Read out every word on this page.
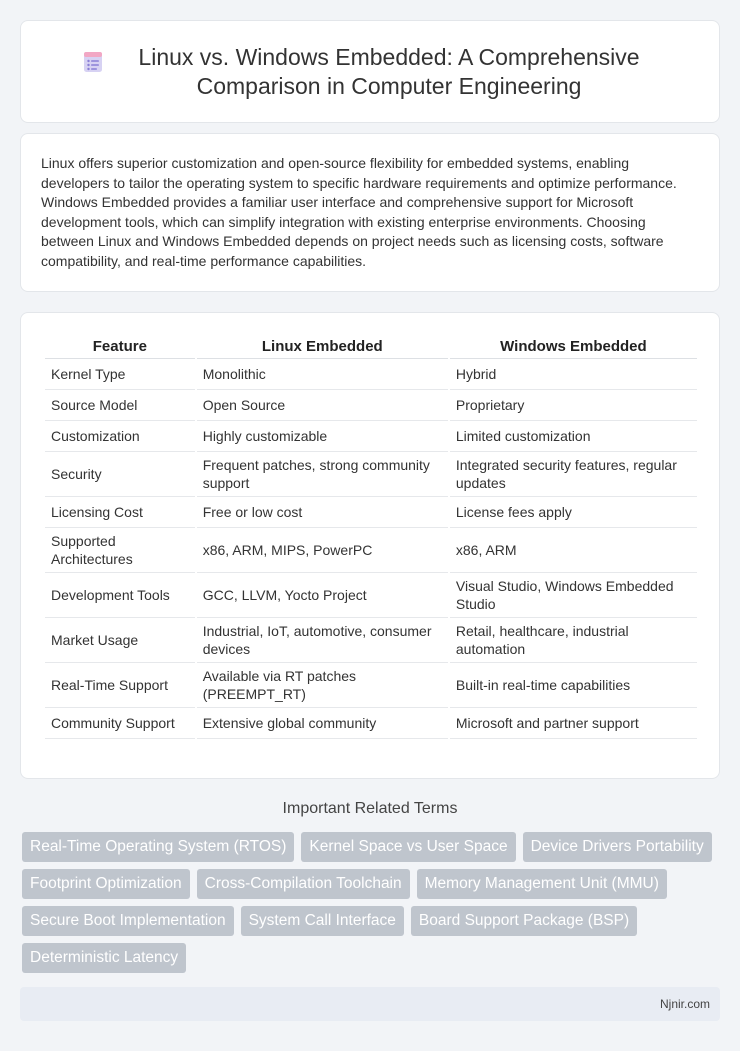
Linux vs. Windows Embedded: A Comprehensive Comparison in Computer Engineering

Linux offers superior customization and open-source flexibility for embedded systems, enabling developers to tailor the operating system to specific hardware requirements and optimize performance. Windows Embedded provides a familiar user interface and comprehensive support for Microsoft development tools, which can simplify integration with existing enterprise environments. Choosing between Linux and Windows Embedded depends on project needs such as licensing costs, software compatibility, and real-time performance capabilities.

Feature	Linux Embedded	Windows Embedded
Kernel Type	Monolithic	Hybrid
Source Model	Open Source	Proprietary
Customization	Highly customizable	Limited customization
Security	Frequent patches, strong community support	Integrated security features, regular updates
Licensing Cost	Free or low cost	License fees apply
Supported Architectures	x86, ARM, MIPS, PowerPC	x86, ARM
Development Tools	GCC, LLVM, Yocto Project	Visual Studio, Windows Embedded Studio
Market Usage	Industrial, IoT, automotive, consumer devices	Retail, healthcare, industrial automation
Real-Time Support	Available via RT patches (PREEMPT_RT)	Built-in real-time capabilities
Community Support	Extensive global community	Microsoft and partner support
Important Related Terms
Real-Time Operating System (RTOS)	Kernel Space vs User Space	Device Drivers Portability
Footprint Optimization	Cross-Compilation Toolchain	Memory Management Unit (MMU)
Secure Boot Implementation	System Call Interface	Board Support Package (BSP)
Deterministic Latency
Njnir.com
